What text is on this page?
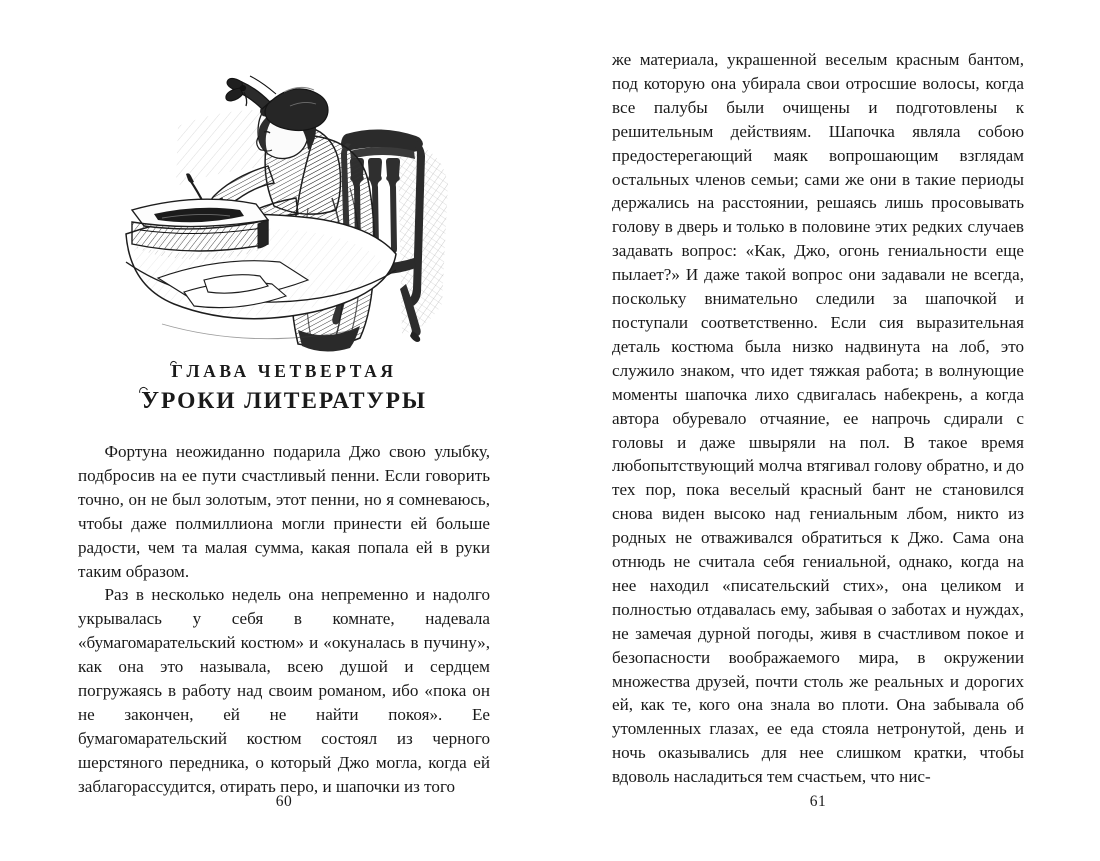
ГЛАВА ЧЕТВЕРТАЯ
УРОКИ ЛИТЕРАТУРЫ

Фортуна неожиданно подарила Джо свою улыбку, подбросив на ее пути счастливый пенни. Если говорить точно, он не был золотым, этот пенни, но я сомневаюсь, чтобы даже полмиллиона могли принести ей больше радости, чем та малая сумма, какая попала ей в руки таким образом.

Раз в несколько недель она непременно и надолго укрывалась у себя в комнате, надевала «бумагомарательский костюм» и «окуналась в пучину», как она это называла, всею душой и сердцем погружаясь в работу над своим романом, ибо «пока он не закончен, ей не найти покоя». Ее бумагомарательский костюм состоял из черного шерстяного передника, о который Джо могла, когда ей заблагорассудится, отирать перо, и шапочки из того

60

же материала, украшенной веселым красным бантом, под которую она убирала свои отросшие волосы, когда все палубы были очищены и подготовлены к решительным действиям. Шапочка являла собою предостерегающий маяк вопрошающим взглядам остальных членов семьи; сами же они в такие периоды держались на расстоянии, решаясь лишь просовывать голову в дверь и только в половине этих редких случаев задавать вопрос: «Как, Джо, огонь гениальности еще пылает?» И даже такой вопрос они задавали не всегда, поскольку внимательно следили за шапочкой и поступали соответственно. Если сия выразительная деталь костюма была низко надвинута на лоб, это служило знаком, что идет тяжкая работа; в волнующие моменты шапочка лихо сдвигалась набекрень, а когда автора обуревало отчаяние, ее напрочь сдирали с головы и даже швыряли на пол. В такое время любопытствующий молча втягивал голову обратно, и до тех пор, пока веселый красный бант не становился снова виден высоко над гениальным лбом, никто из родных не отваживался обратиться к Джо. Сама она отнюдь не считала себя гениальной, однако, когда на нее находил «писательский стих», она целиком и полностью отдавалась ему, забывая о заботах и нуждах, не замечая дурной погоды, живя в счастливом покое и безопасности воображаемого мира, в окружении множества друзей, почти столь же реальных и дорогих ей, как те, кого она знала во плоти. Она забывала об утомленных глазах, ее еда стояла нетронутой, день и ночь оказывались для нее слишком кратки, чтобы вдоволь насладиться тем счастьем, что нис-

61
